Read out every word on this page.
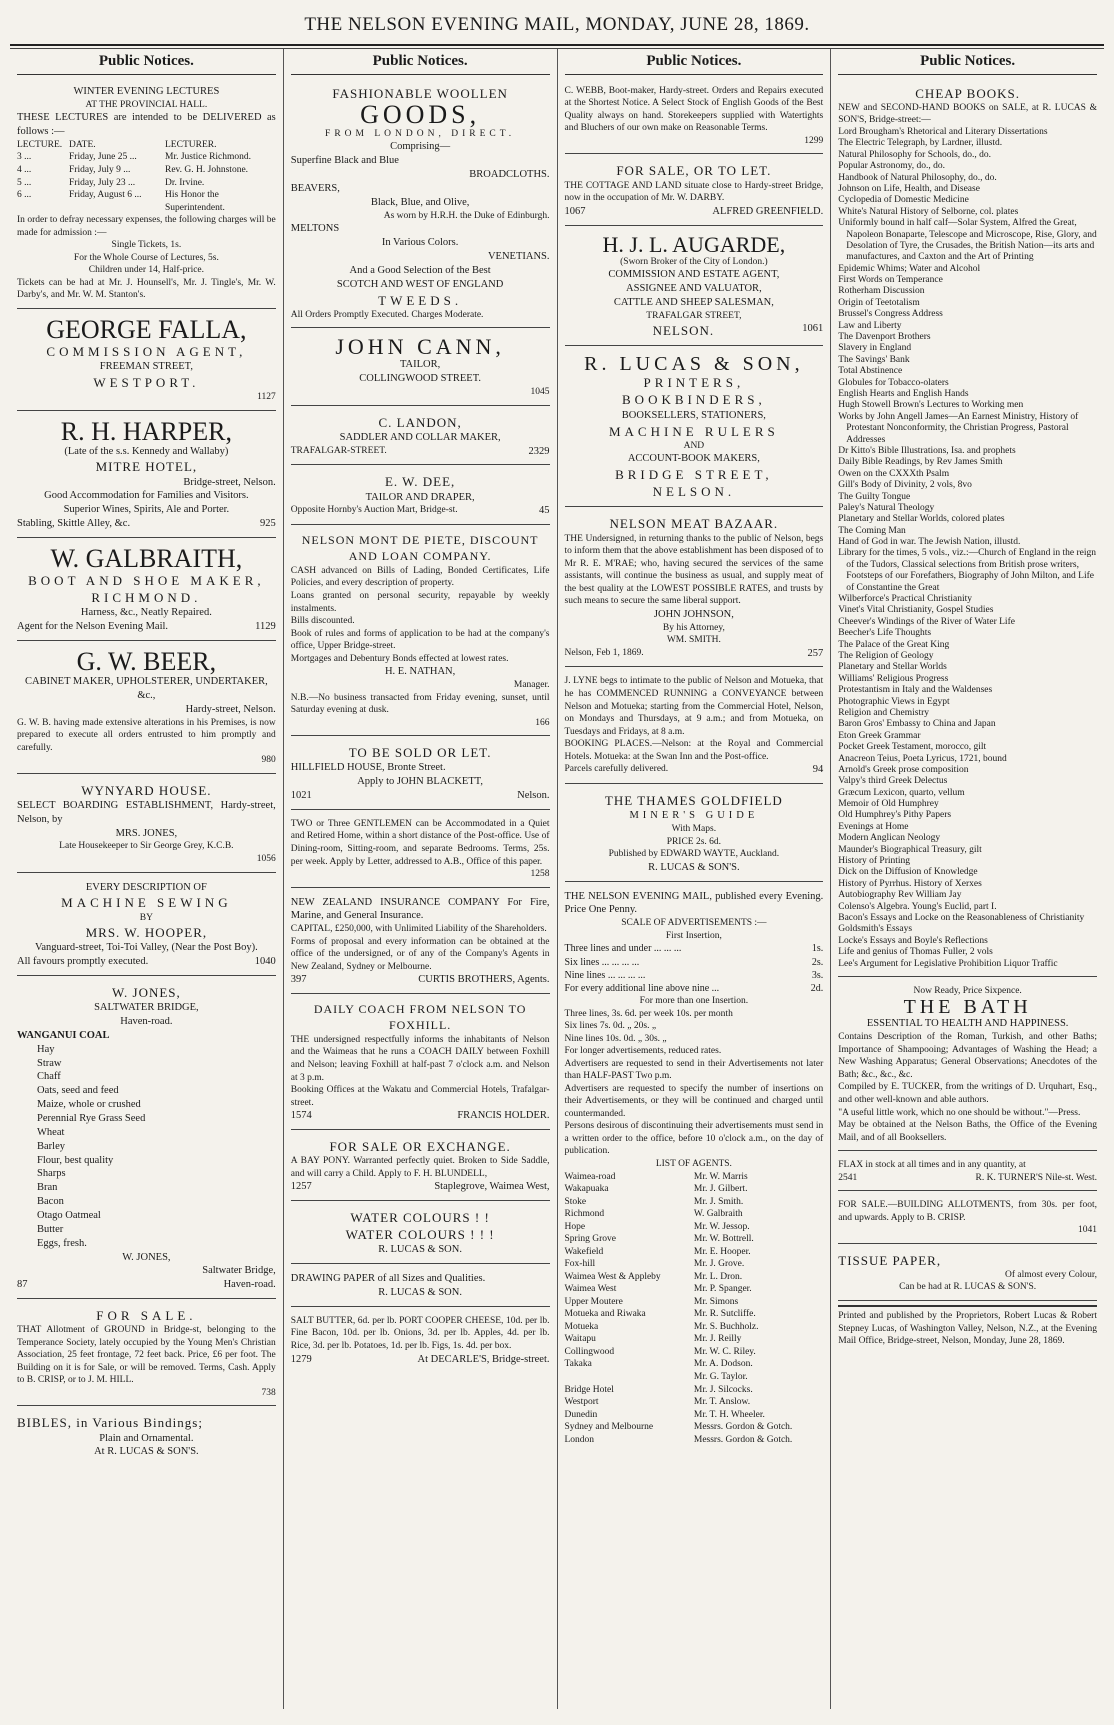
THE NELSON EVENING MAIL, MONDAY, JUNE 28, 1869.
Public Notices.
WINTER EVENING LECTURES
AT THE PROVINCIAL HALL.
THESE LECTURES are intended to be DELIVERED as follows :—
LECTURE. DATE.	LECTURER.
3 ...	Friday, June 25 ...	Mr. Justice Richmond.
4 ...	Friday, July 9 ...	Rev. G. H. Johnstone.
5 ...	Friday, July 23 ...	Dr. Irvine.
6 ...	Friday, August 6 ...	His Honor the Superintendent.
In order to defray necessary expenses, the following charges will be made for admission :—
Single Tickets, 1s.
For the Whole Course of Lectures, 5s.
Children under 14, Half-price.
Tickets can be had at Mr. J. Hounsell's, Mr. J. Tingle's, Mr. W. Darby's, and Mr. W. M. Stanton's.
GEORGE FALLA,
COMMISSION AGENT,
FREEMAN STREET,
WESTPORT.
1127
R. H. HARPER,
(Late of the s.s. Kennedy and Wallaby)
MITRE HOTEL,
Bridge-street, Nelson.
Good Accommodation for Families and Visitors.
Superior Wines, Spirits, Ale and Porter.
Stabling, Skittle Alley, &c.	925
W. GALBRAITH,
BOOT AND SHOE MAKER,
RICHMOND.
Harness, &c., Neatly Repaired.
Agent for the Nelson Evening Mail.	1129
G. W. BEER,
CABINET MAKER, UPHOLSTERER, UNDERTAKER, &c.,
Hardy-street, Nelson.
G. W. B. having made extensive alterations in his Premises, is now prepared to execute all orders entrusted to him promptly and carefully.
980
WYNYARD HOUSE.
SELECT BOARDING ESTABLISHMENT, Hardy-street, Nelson, by
MRS. JONES,
Late Housekeeper to Sir George Grey, K.C.B.
1056
EVERY DESCRIPTION OF
MACHINE SEWING
BY
MRS. W. HOOPER,
Vanguard-street, Toi-Toi Valley, (Near the Post Boy).
All favours promptly executed.	1040
W. JONES,
SALTWATER BRIDGE,
Haven-road.
WANGANUI COAL
Hay
Straw
Chaff
Oats, seed and feed
Maize, whole or crushed
Perennial Rye Grass Seed
Wheat
Barley
Flour, best quality
Sharps
Bran
Bacon
Otago Oatmeal
Butter
Eggs, fresh.
W. JONES,
Saltwater Bridge,
87	Haven-road.
FOR SALE.
THAT Allotment of GROUND in Bridge-st, belonging to the Temperance Society, lately occupied by the Young Men's Christian Association, 25 feet frontage, 72 feet back. Price, £6 per foot. The Building on it is for Sale, or will be removed. Terms, Cash. Apply to B. CRISP, or to J. M. HILL.
738
BIBLES, in Various Bindings;
Plain and Ornamental.
At R. LUCAS & SON'S.
Public Notices.
FASHIONABLE WOOLLEN
GOODS,
FROM LONDON, DIRECT.
Comprising—
Superfine Black and Blue
BROADCLOTHS.
BEAVERS,
Black, Blue, and Olive,
As worn by H.R.H. the Duke of Edinburgh.
MELTONS
In Various Colors.
VENETIANS.
And a Good Selection of the Best
SCOTCH AND WEST OF ENGLAND
TWEEDS.
All Orders Promptly Executed. Charges Moderate.
JOHN CANN,
TAILOR,
COLLINGWOOD STREET.
1045
C. LANDON,
SADDLER AND COLLAR MAKER,
TRAFALGAR-STREET.	2329
E. W. DEE,
TAILOR AND DRAPER,
Opposite Hornby's Auction Mart, Bridge-st.	45
NELSON MONT DE PIETE, DISCOUNT AND LOAN COMPANY.
CASH advanced on Bills of Lading, Bonded Certificates, Life Policies, and every description of property.
Loans granted on personal security, repayable by weekly instalments.
Bills discounted.
Book of rules and forms of application to be had at the company's office, Upper Bridge-street.
Mortgages and Debentury Bonds effected at lowest rates.
H. E. NATHAN,
Manager.
N.B.—No business transacted from Friday evening, sunset, until Saturday evening at dusk.
166
TO BE SOLD OR LET.
HILLFIELD HOUSE, Bronte Street.
Apply to JOHN BLACKETT,
1021	Nelson.
TWO or Three GENTLEMEN can be Accommodated in a Quiet and Retired Home, within a short distance of the Post-office. Use of Dining-room, Sitting-room, and separate Bedrooms. Terms, 25s. per week. Apply by Letter, addressed to A.B., Office of this paper.
1258
NEW ZEALAND INSURANCE COMPANY For Fire, Marine, and General Insurance.
CAPITAL, £250,000, with Unlimited Liability of the Shareholders.
Forms of proposal and every information can be obtained at the office of the undersigned, or of any of the Company's Agents in New Zealand, Sydney or Melbourne.
397	CURTIS BROTHERS, Agents.
DAILY COACH FROM NELSON TO FOXHILL.
THE undersigned respectfully informs the inhabitants of Nelson and the Waimeas that he runs a COACH DAILY between Foxhill and Nelson; leaving Foxhill at half-past 7 o'clock a.m. and Nelson at 3 p.m.
Booking Offices at the Wakatu and Commercial Hotels, Trafalgar-street.
1574	FRANCIS HOLDER.
FOR SALE OR EXCHANGE.
A BAY PONY. Warranted perfectly quiet. Broken to Side Saddle, and will carry a Child. Apply to F. H. BLUNDELL,
1257	Staplegrove, Waimea West,
WATER COLOURS ! !
WATER COLOURS ! ! !
R. LUCAS & SON.
DRAWING PAPER of all Sizes and Qualities.
R. LUCAS & SON.
SALT BUTTER, 6d. per lb. PORT COOPER CHEESE, 10d. per lb. Fine Bacon, 10d. per lb. Onions, 3d. per lb. Apples, 4d. per lb. Rice, 3d. per lb. Potatoes, 1d. per lb. Figs, 1s. 4d. per box.
1279	At DECARLE'S, Bridge-street.
Public Notices.
C. WEBB, Boot-maker, Hardy-street. Orders and Repairs executed at the Shortest Notice. A Select Stock of English Goods of the Best Quality always on hand. Storekeepers supplied with Watertights and Bluchers of our own make on Reasonable Terms.
1299
FOR SALE, OR TO LET.
THE COTTAGE AND LAND situate close to Hardy-street Bridge, now in the occupation of Mr. W. DARBY.
1067	ALFRED GREENFIELD.
H. J. L. AUGARDE,
(Sworn Broker of the City of London.)
COMMISSION AND ESTATE AGENT,
ASSIGNEE AND VALUATOR,
CATTLE AND SHEEP SALESMAN,
TRAFALGAR STREET,
NELSON.	1061
R. LUCAS & SON,
PRINTERS,
BOOKBINDERS,
BOOKSELLERS, STATIONERS,
MACHINE RULERS
AND
ACCOUNT-BOOK MAKERS,
BRIDGE STREET,
NELSON.
NELSON MEAT BAZAAR.
THE Undersigned, in returning thanks to the public of Nelson, begs to inform them that the above establishment has been disposed of to Mr R. E. M'RAE; who, having secured the services of the same assistants, will continue the business as usual, and supply meat of the best quality at the LOWEST POSSIBLE RATES, and trusts by such means to secure the same liberal support.
JOHN JOHNSON,
By his Attorney,
WM. SMITH.
Nelson, Feb 1, 1869.	257
J. LYNE begs to intimate to the public of Nelson and Motueka, that he has COMMENCED RUNNING a CONVEYANCE between Nelson and Motueka; starting from the Commercial Hotel, Nelson, on Mondays and Thursdays, at 9 a.m.; and from Motueka, on Tuesdays and Fridays, at 8 a.m.
BOOKING PLACES.—Nelson: at the Royal and Commercial Hotels. Motueka: at the Swan Inn and the Post-office.
Parcels carefully delivered.	94
THE THAMES GOLDFIELD
MINER'S GUIDE
With Maps.
PRICE 2s. 6d.
Published by EDWARD WAYTE, Auckland.
R. LUCAS & SON'S.
THE NELSON EVENING MAIL, published every Evening. Price One Penny.
SCALE OF ADVERTISEMENTS :—
First Insertion,
Three lines and under ... ... ...	1s.
Six lines ... ... ... ...	2s.
Nine lines ... ... ... ...	3s.
For every additional line above nine ...	2d.
For more than one Insertion.
Three lines, 3s. 6d. per week 10s. per month
Six lines 7s. 0d. „ 20s. „
Nine lines 10s. 0d. „ 30s. „
For longer advertisements, reduced rates.
Advertisers are requested to send in their Advertisements not later than HALF-PAST Two p.m.
Advertisers are requested to specify the number of insertions on their Advertisements, or they will be continued and charged until countermanded.
Persons desirous of discontinuing their advertisements must send in a written order to the office, before 10 o'clock a.m., on the day of publication.
LIST OF AGENTS.
Waimea-road	Mr. W. Marris
Wakapuaka	Mr. J. Gilbert.
Stoke	Mr. J. Smith.
Richmond	W. Galbraith
Hope	Mr. W. Jessop.
Spring Grove	Mr. W. Bottrell.
Wakefield	Mr. E. Hooper.
Fox-hill	Mr. J. Grove.
Waimea West & Appleby	Mr. L. Dron.
Waimea West	Mr. P. Spanger.
Upper Moutere	Mr. Simons
Motueka and Riwaka	Mr. R. Sutcliffe.
Motueka	Mr. S. Buchholz.
Waitapu	Mr. J. Reilly
Collingwood	Mr. W. C. Riley.
Takaka	Mr. A. Dodson.
Mr. G. Taylor.
Bridge Hotel	Mr. J. Silcocks.
Westport	Mr. T. Anslow.
Dunedin	Mr. T. H. Wheeler.
Sydney and Melbourne	Messrs. Gordon & Gotch.
London	Messrs. Gordon & Gotch.
Public Notices.
CHEAP BOOKS.
NEW and SECOND-HAND BOOKS on SALE, at R. LUCAS & SON'S, Bridge-street:—
Lord Brougham's Rhetorical and Literary Dissertations
The Electric Telegraph, by Lardner, illustd.
Natural Philosophy for Schools, do., do.
Popular Astronomy, do., do.
Handbook of Natural Philosophy, do., do.
Johnson on Life, Health, and Disease
Cyclopedia of Domestic Medicine
White's Natural History of Selborne, col. plates
Uniformly bound in half calf—Solar System, Alfred the Great, Napoleon Bonaparte, Telescope and Microscope, Rise, Glory, and Desolation of Tyre, the Crusades, the British Nation—its arts and manufactures, and Caxton and the Art of Printing
Epidemic Whims; Water and Alcohol
First Words on Temperance
Rotherham Discussion
Origin of Teetotalism
Brussel's Congress Address
Law and Liberty
The Davenport Brothers
Slavery in England
The Savings' Bank
Total Abstinence
Globules for Tobacco-olaters
English Hearts and English Hands
Hugh Stowell Brown's Lectures to Working men
Works by John Angell James—An Earnest Ministry, History of Protestant Nonconformity, the Christian Progress, Pastoral Addresses
Dr Kitto's Bible Illustrations, Isa. and prophets
Daily Bible Readings, by Rev James Smith
Owen on the CXXXth Psalm
Gill's Body of Divinity, 2 vols, 8vo
The Guilty Tongue
Paley's Natural Theology
Planetary and Stellar Worlds, colored plates
The Coming Man
Hand of God in war. The Jewish Nation, illustd.
Library for the times, 5 vols., viz.:—Church of England in the reign of the Tudors, Classical selections from British prose writers, Footsteps of our Forefathers, Biography of John Milton, and Life of Constantine the Great
Wilberforce's Practical Christianity
Vinet's Vital Christianity, Gospel Studies
Cheever's Windings of the River of Water Life
Beecher's Life Thoughts
The Palace of the Great King
The Religion of Geology
Planetary and Stellar Worlds
Williams' Religious Progress
Protestantism in Italy and the Waldenses
Photographic Views in Egypt
Religion and Chemistry
Baron Gros' Embassy to China and Japan
Eton Greek Grammar
Pocket Greek Testament, morocco, gilt
Anacreon Teius, Poeta Lyricus, 1721, bound
Arnold's Greek prose composition
Valpy's third Greek Delectus
Græcum Lexicon, quarto, vellum
Memoir of Old Humphrey
Old Humphrey's Pithy Papers
Evenings at Home
Modern Anglican Neology
Maunder's Biographical Treasury, gilt
History of Printing
Dick on the Diffusion of Knowledge
History of Pyrrhus. History of Xerxes
Autobiography Rev William Jay
Colenso's Algebra. Young's Euclid, part I.
Bacon's Essays and Locke on the Reasonableness of Christianity
Goldsmith's Essays
Locke's Essays and Boyle's Reflections
Life and genius of Thomas Fuller, 2 vols
Lee's Argument for Legislative Prohibition Liquor Traffic
Now Ready, Price Sixpence.
THE BATH
ESSENTIAL TO HEALTH AND HAPPINESS.
Contains Description of the Roman, Turkish, and other Baths; Importance of Shampooing; Advantages of Washing the Head; a New Washing Apparatus; General Observations; Anecdotes of the Bath; &c., &c., &c.
Compiled by E. TUCKER, from the writings of D. Urquhart, Esq., and other well-known and able authors.
"A useful little work, which no one should be without."—Press.
May be obtained at the Nelson Baths, the Office of the Evening Mail, and of all Booksellers.
FLAX in stock at all times and in any quantity, at
2541	R. K. TURNER'S Nile-st. West.
FOR SALE.—BUILDING ALLOTMENTS, from 30s. per foot, and upwards. Apply to B. CRISP.
1041
TISSUE PAPER,
Of almost every Colour,
Can be had at R. LUCAS & SON'S.
Printed and published by the Proprietors, Robert Lucas & Robert Stepney Lucas, of Washington Valley, Nelson, N.Z., at the Evening Mail Office, Bridge-street, Nelson, Monday, June 28, 1869.
